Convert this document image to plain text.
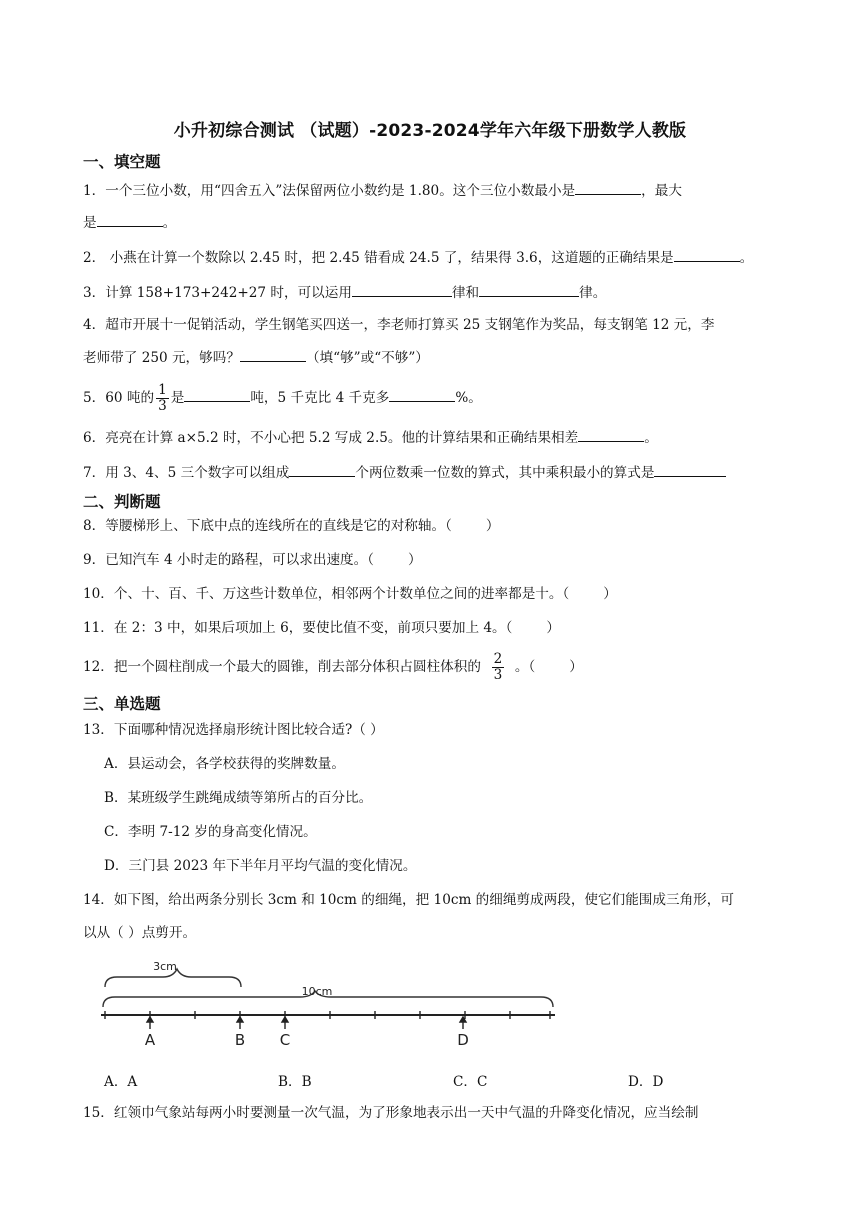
小升初综合测试 （试题）-2023-2024学年六年级下册数学人教版
一、填空题
1．一个三位小数，用“四舍五入”法保留两位小数约是 1.80。这个三位小数最小是	，最大
是	。
2． 小燕在计算一个数除以 2.45 时，把 2.45 错看成 24.5 了，结果得 3.6，这道题的正确结果是	。
3．计算 158+173+242+27 时，可以运用	律和	律。
4．超市开展十一促销活动，学生钢笔买四送一，李老师打算买 25 支钢笔作为奖品，每支钢笔 12 元，李
老师带了 250 元，够吗？	（填“够”或“不够”）
5．60 吨的 $\frac{1}{3}$ 是	吨，5 千克比 4 千克多	%。
6．亮亮在计算 a×5.2 时，不小心把 5.2 写成 2.5。他的计算结果和正确结果相差	。
7．用 3、4、5 三个数字可以组成	个两位数乘一位数的算式，其中乘积最小的算式是
二、判断题
8．等腰梯形上、下底中点的连线所在的直线是它的对称轴。（	）
9．已知汽车 4 小时走的路程，可以求出速度。（	）
10．个、十、百、千、万这些计数单位，相邻两个计数单位之间的进率都是十。（	）
11．在 2：3 中，如果后项加上 6，要使比值不变，前项只要加上 4。（	）
12．把一个圆柱削成一个最大的圆锥，削去部分体积占圆柱体积的 $\frac{2}{3}$ 。（	）
三、单选题
13．下面哪种情况选择扇形统计图比较合适?（ ）
A．县运动会，各学校获得的奖牌数量。
B．某班级学生跳绳成绩等第所占的百分比。
C．李明 7-12 岁的身高变化情况。
D．三门县 2023 年下半年月平均气温的变化情况。
14．如下图，给出两条分别长 3cm 和 10cm 的细绳，把 10cm 的细绳剪成两段，使它们能围成三角形，可
以从（ ）点剪开。
3cm
10cm
A	B C	D
A．A	B．B	C．C	D．D
15．红领巾气象站每两小时要测量一次气温，为了形象地表示出一天中气温的升降变化情况，应当绘制
